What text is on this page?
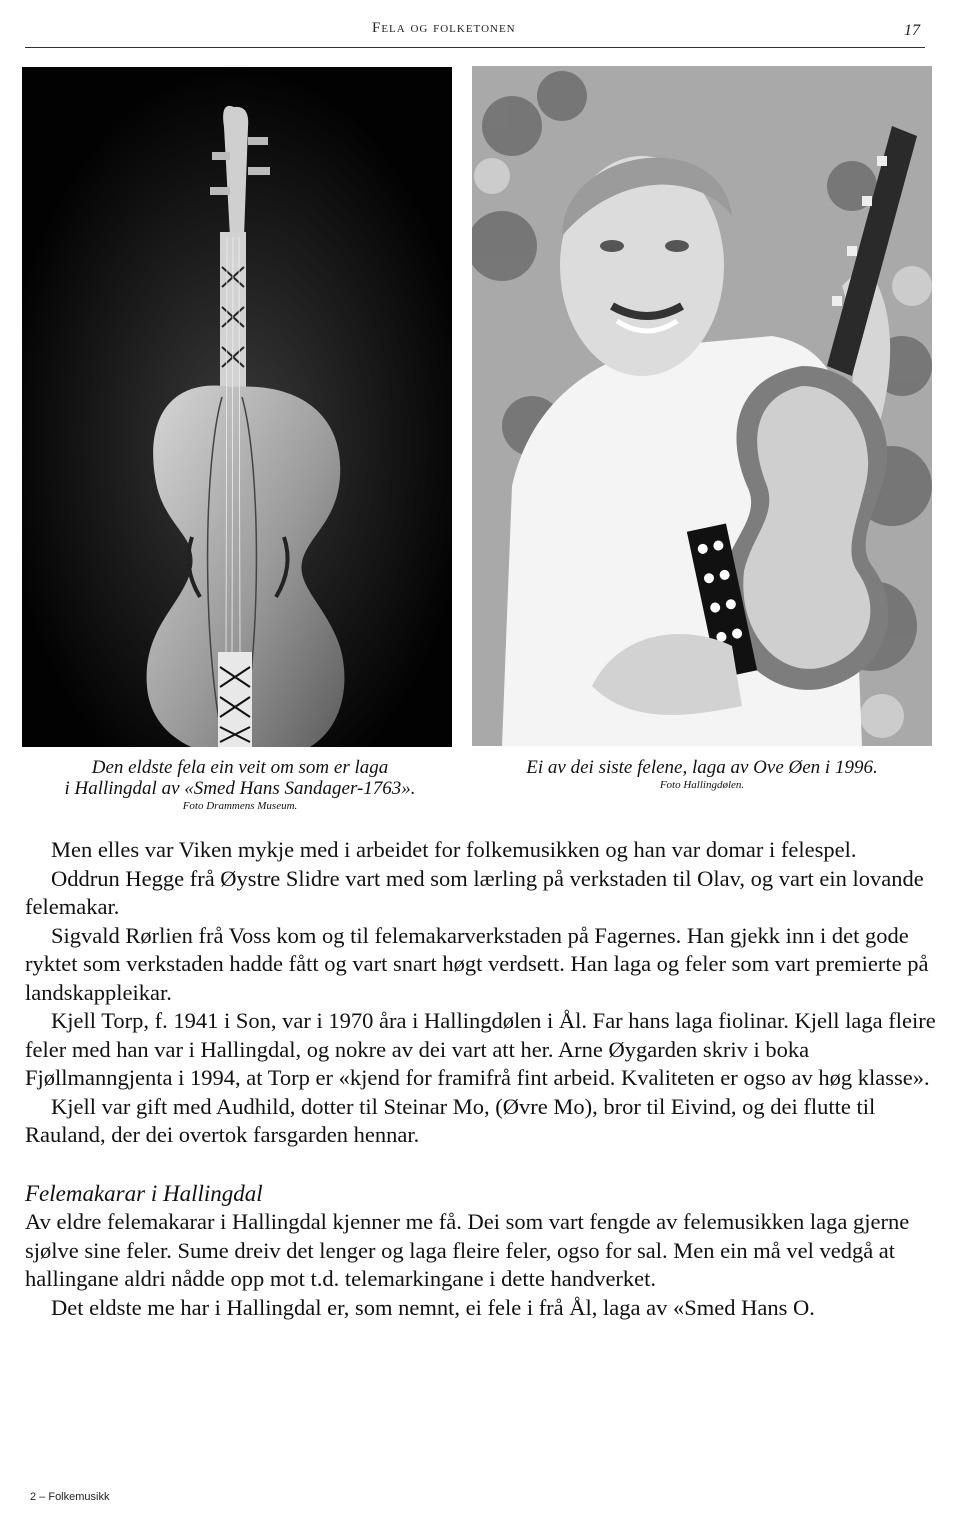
Fela og folketonen	17
Den eldste fela ein veit om som er laga
i Hallingdal av «Smed Hans Sandager-1763».
Foto Drammens Museum.
Ei av dei siste felene, laga av Ove Øen i 1996.
Foto Hallingdølen.

Men elles var Viken mykje med i arbeidet for folkemusikken og han var domar i felespel.

Oddrun Hegge frå Øystre Slidre vart med som lærling på verkstaden til Olav, og vart ein lovande felemakar.

Sigvald Rørlien frå Voss kom og til felemakarverkstaden på Fagernes. Han gjekk inn i det gode ryktet som verkstaden hadde fått og vart snart høgt verdsett. Han laga og feler som vart premierte på landskappleikar.

Kjell Torp, f. 1941 i Son, var i 1970 åra i Hallingdølen i Ål. Far hans laga fiolinar. Kjell laga fleire feler med han var i Hallingdal, og nokre av dei vart att her. Arne Øygarden skriv i boka Fjøllmanngjenta i 1994, at Torp er «kjend for framifrå fint arbeid. Kvaliteten er ogso av høg klasse».

Kjell var gift med Audhild, dotter til Steinar Mo, (Øvre Mo), bror til Eivind, og dei flutte til Rauland, der dei overtok farsgarden hennar.

Felemakarar i Hallingdal

Av eldre felemakarar i Hallingdal kjenner me få. Dei som vart fengde av felemusikken laga gjerne sjølve sine feler. Sume dreiv det lenger og laga fleire feler, ogso for sal. Men ein må vel vedgå at hallingane aldri nådde opp mot t.d. telemarkingane i dette handverket.

Det eldste me har i Hallingdal er, som nemnt, ei fele i frå Ål, laga av «Smed Hans O.

2 – Folkemusikk
